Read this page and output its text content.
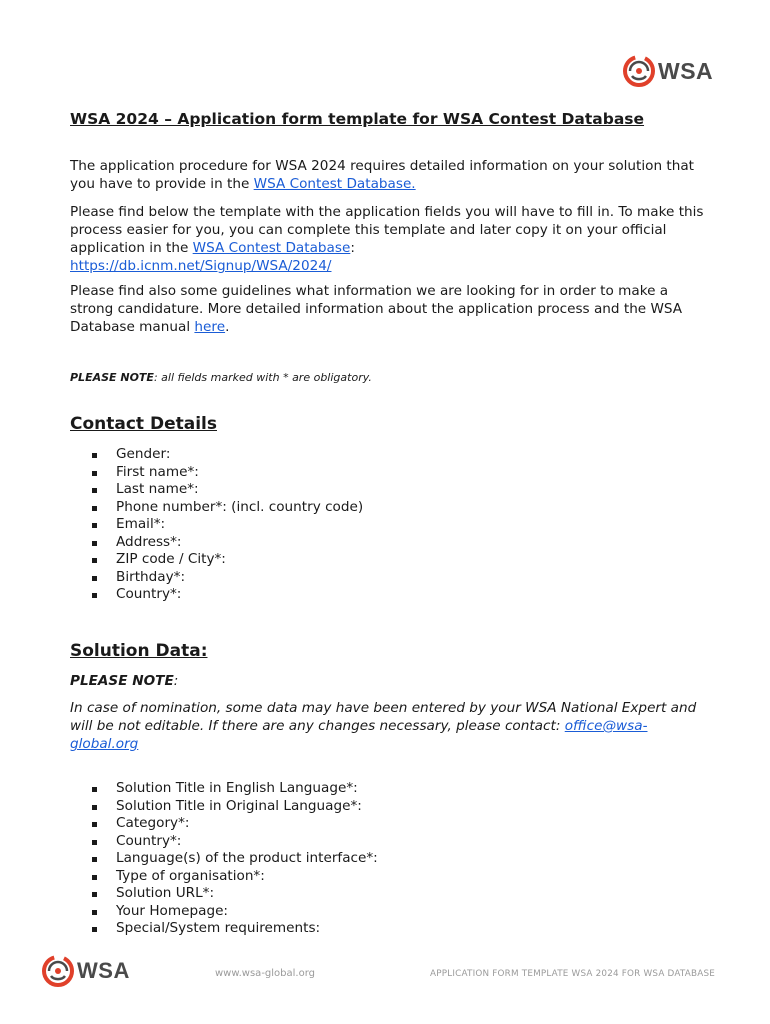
WSA
WSA 2024 – Application form template for WSA Contest Database

The application procedure for WSA 2024 requires detailed information on your solution that you have to provide in the WSA Contest Database.

Please find below the template with the application fields you will have to fill in. To make this process easier for you, you can complete this template and later copy it on your official application in the WSA Contest Database:
https://db.icnm.net/Signup/WSA/2024/

Please find also some guidelines what information we are looking for in order to make a strong candidature. More detailed information about the application process and the WSA Database manual here.

PLEASE NOTE: all fields marked with * are obligatory.

Contact Details
Gender:
First name*:
Last name*:
Phone number*: (incl. country code)
Email*:
Address*:
ZIP code / City*:
Birthday*:
Country*:
Solution Data:

PLEASE NOTE:

In case of nomination, some data may have been entered by your WSA National Expert and will be not editable. If there are any changes necessary, please contact: office@wsa-global.org

Solution Title in English Language*:
Solution Title in Original Language*:
Category*:
Country*:
Language(s) of the product interface*:
Type of organisation*:
Solution URL*:
Your Homepage:
Special/System requirements:
WSA	www.wsa-global.org	APPLICATION FORM TEMPLATE WSA 2024 FOR WSA DATABASE
